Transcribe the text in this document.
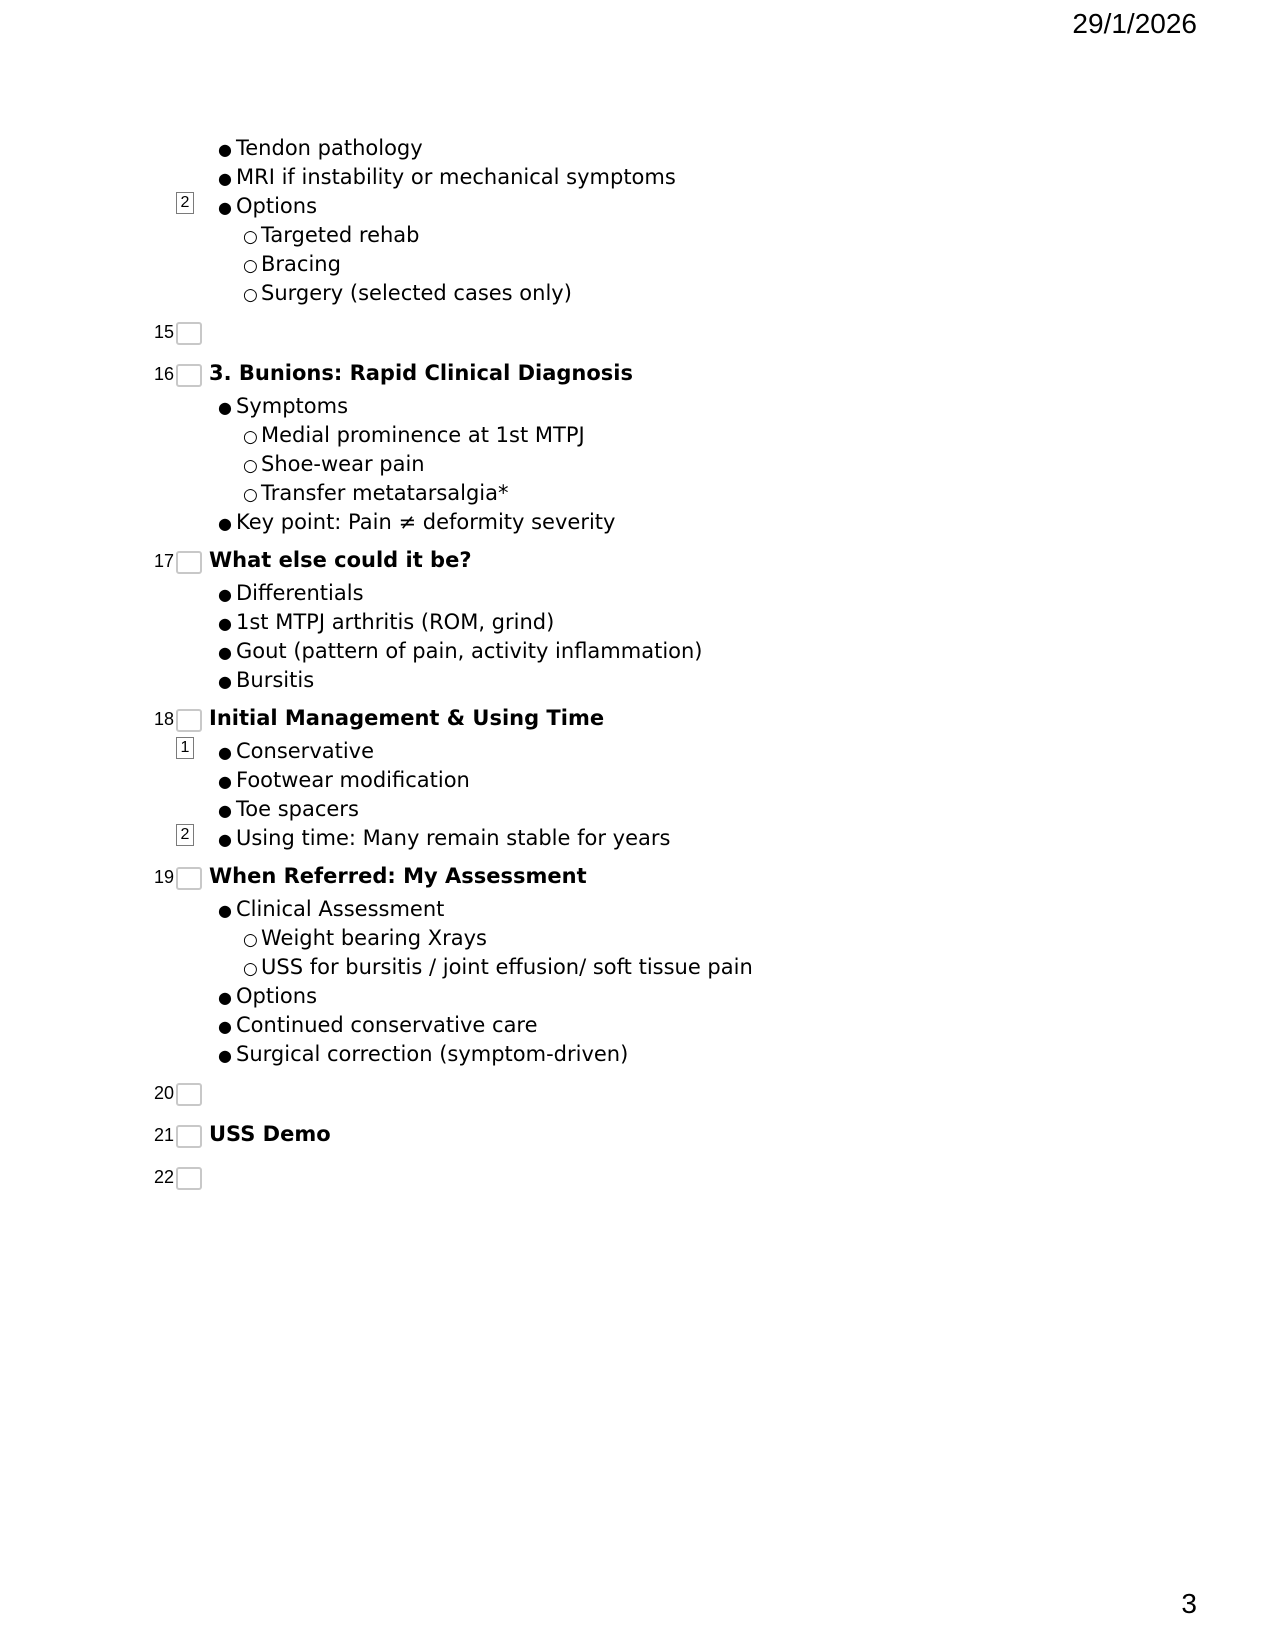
29/1/2026
● Tendon pathology
● MRI if instability or mechanical symptoms
2 ● Options
○ Targeted rehab
○ Bracing
○ Surgery (selected cases only)
15
16 3. Bunions: Rapid Clinical Diagnosis
● Symptoms
○ Medial prominence at 1st MTPJ
○ Shoe-wear pain
○ Transfer metatarsalgia*
● Key point: Pain ≠ deformity severity
17 What else could it be?
● Differentials
● 1st MTPJ arthritis (ROM, grind)
● Gout (pattern of pain, activity inflammation)
● Bursitis
18 Initial Management & Using Time
1 ● Conservative
● Footwear modification
● Toe spacers
2 ● Using time: Many remain stable for years
19 When Referred: My Assessment
● Clinical Assessment
○ Weight bearing Xrays
○ USS for bursitis / joint effusion/ soft tissue pain
● Options
● Continued conservative care
● Surgical correction (symptom-driven)
20
21 USS Demo
22
3
